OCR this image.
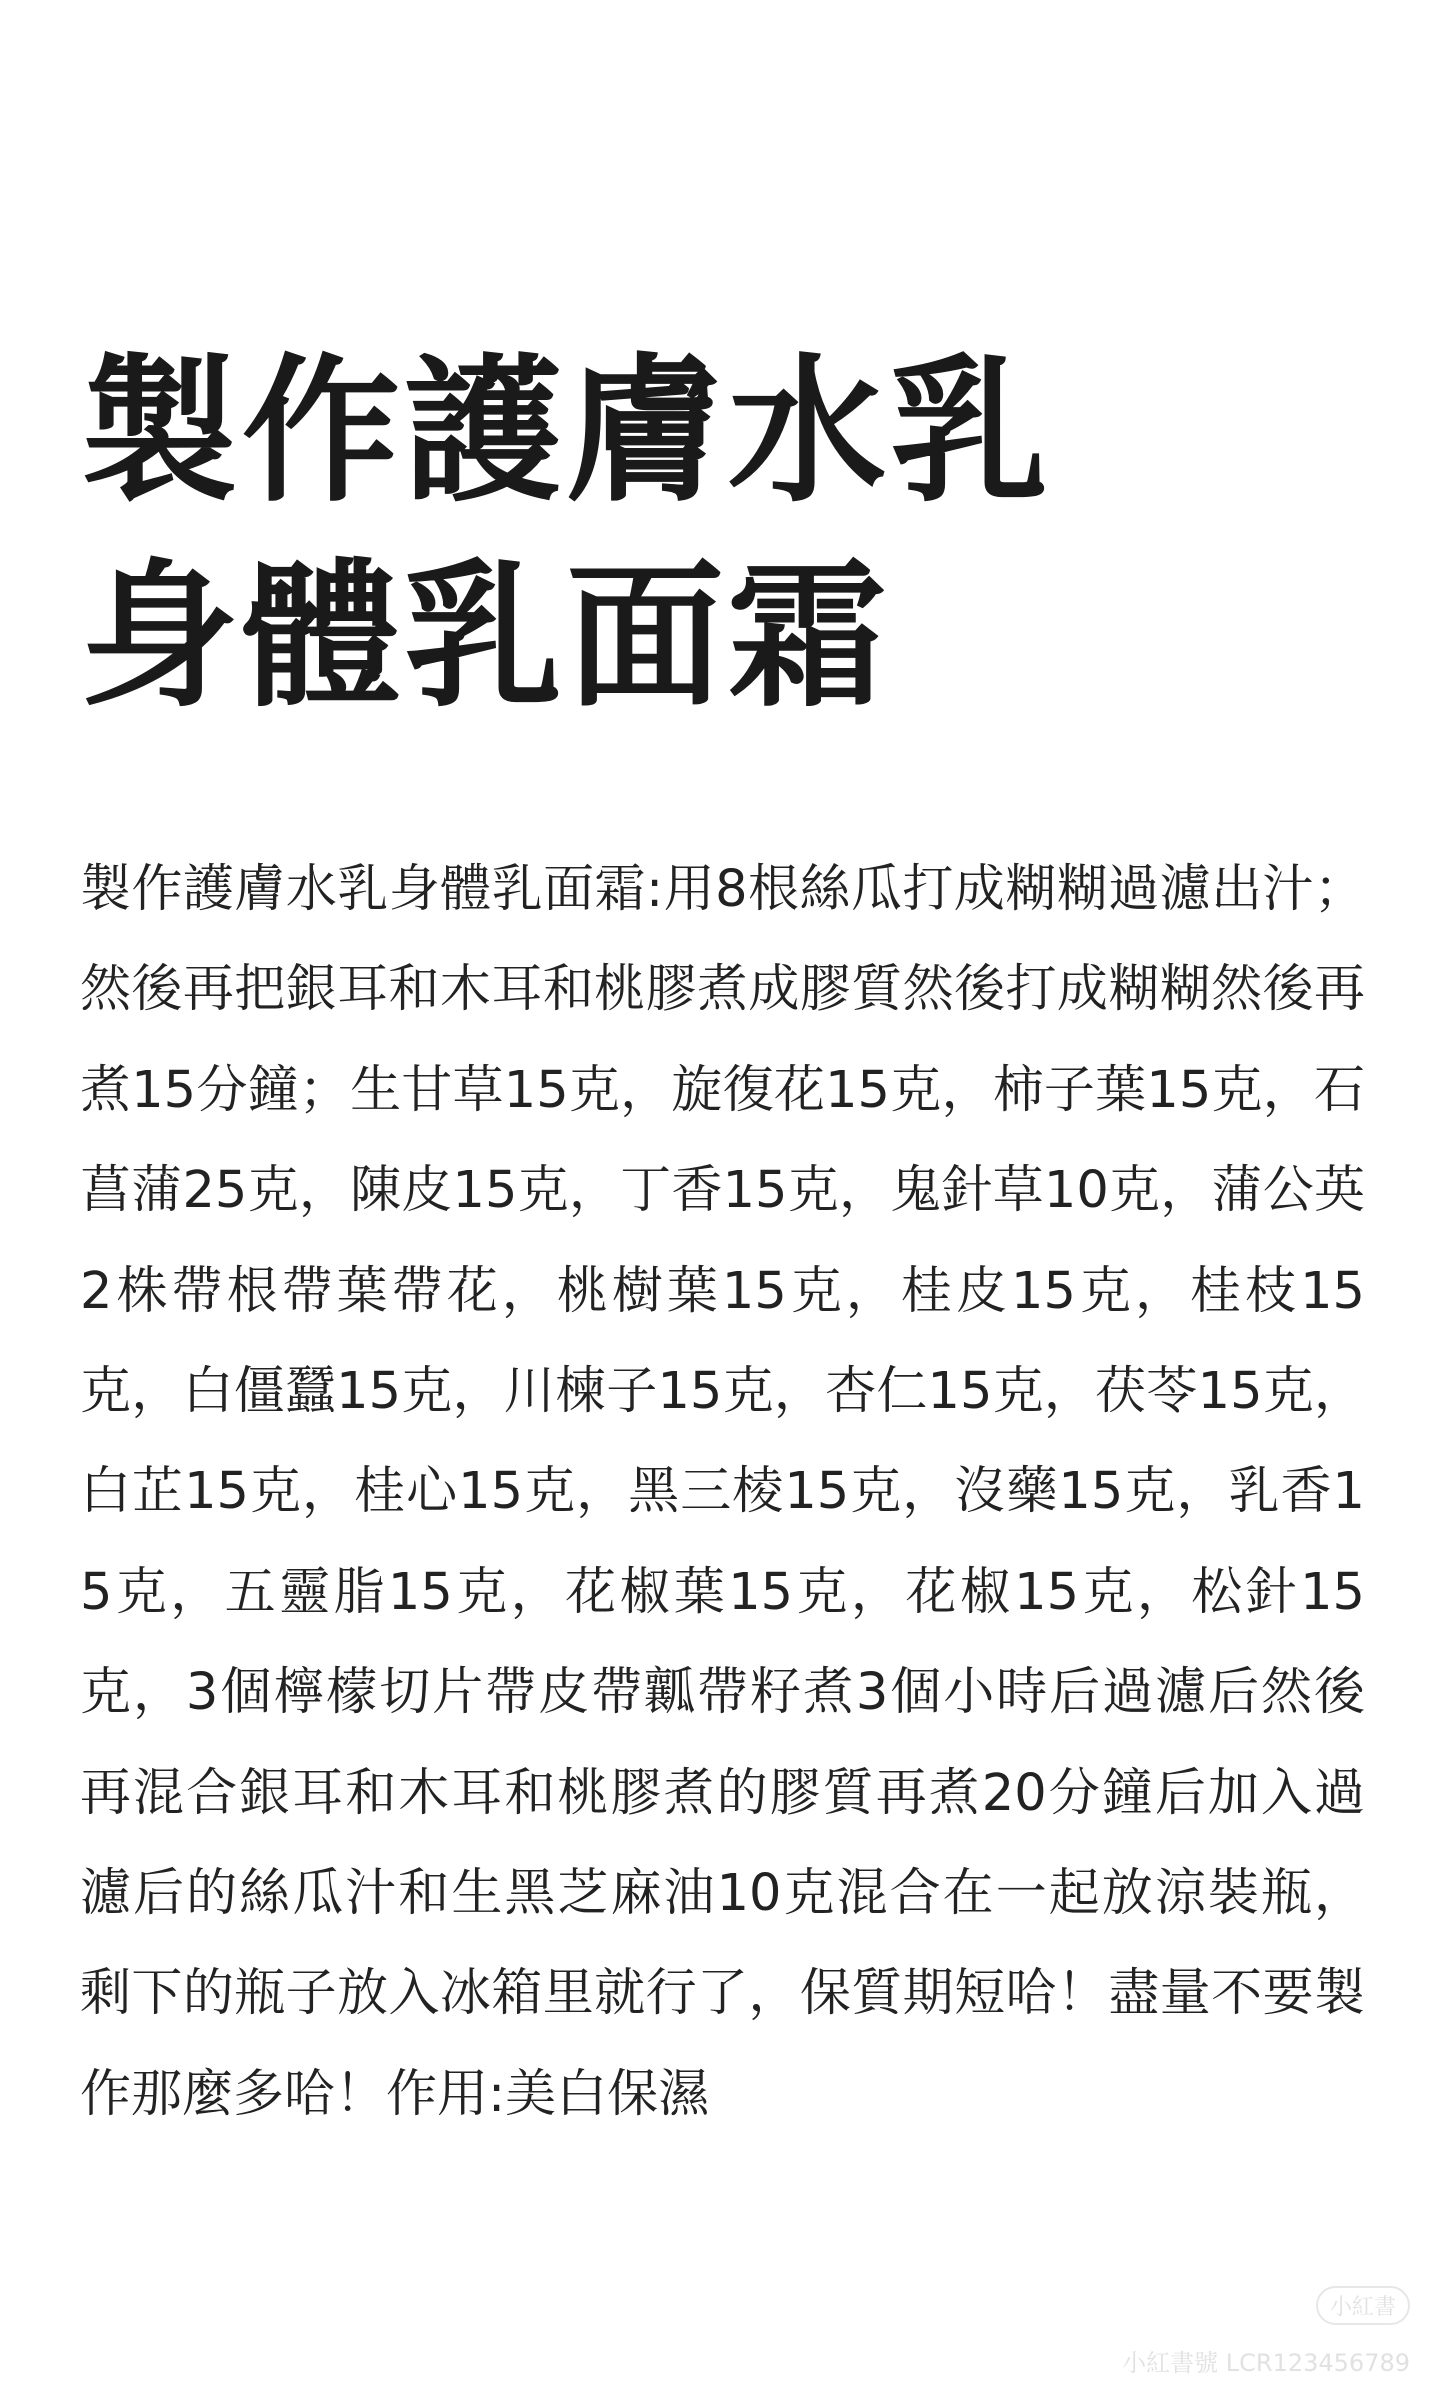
製作護膚水乳
身體乳面霜

製作護膚水乳身體乳面霜:用8根絲瓜打成糊糊過濾出汁；然後再把銀耳和木耳和桃膠煮成膠質然後打成糊糊然後再煮15分鐘；生甘草15克，旋復花15克，柿子葉15克，石菖蒲25克，陳皮15克，丁香15克，鬼針草10克，蒲公英2株帶根帶葉帶花，桃樹葉15克，桂皮15克，桂枝15克，白僵蠶15克，川楝子15克，杏仁15克，茯苓15克，白芷15克，桂心15克，黑三棱15克，沒藥15克，乳香15克，五靈脂15克，花椒葉15克，花椒15克，松針15克，3個檸檬切片帶皮帶瓤帶籽煮3個小時后過濾后然後再混合銀耳和木耳和桃膠煮的膠質再煮20分鐘后加入過濾后的絲瓜汁和生黑芝麻油10克混合在一起放涼裝瓶，剩下的瓶子放入冰箱里就行了，保質期短哈！盡量不要製作那麼多哈！作用:美白保濕

小紅書
小紅書號 LCR123456789
